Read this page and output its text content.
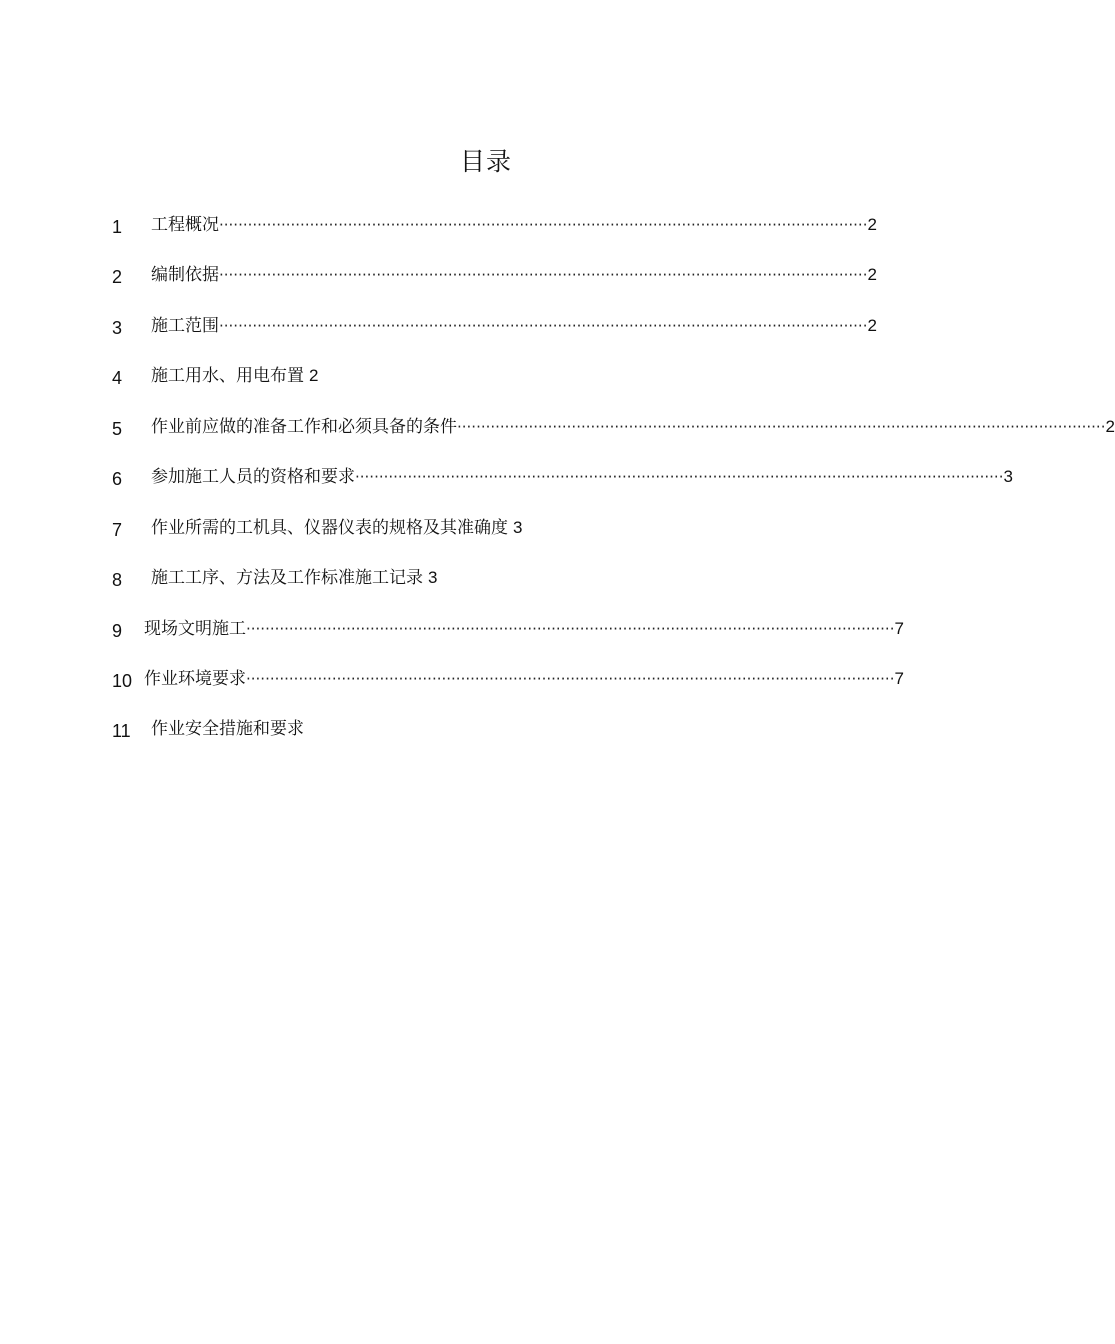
目录
1 工程概况 ········································································································································ 2
2 编制依据 ········································································································································ 2
3 施工范围 ········································································································································ 2
4 施工用水、用电布置 2
5 作业前应做的准备工作和必须具备的条件 ········································································································································ 2
6 参加施工人员的资格和要求 ········································································································································ 3
7 作业所需的工机具、仪器仪表的规格及其准确度 3
8 施工工序、方法及工作标准施工记录 3
9 现场文明施工 ········································································································································ 7
10 作业环境要求 ········································································································································ 7
11 作业安全措施和要求
